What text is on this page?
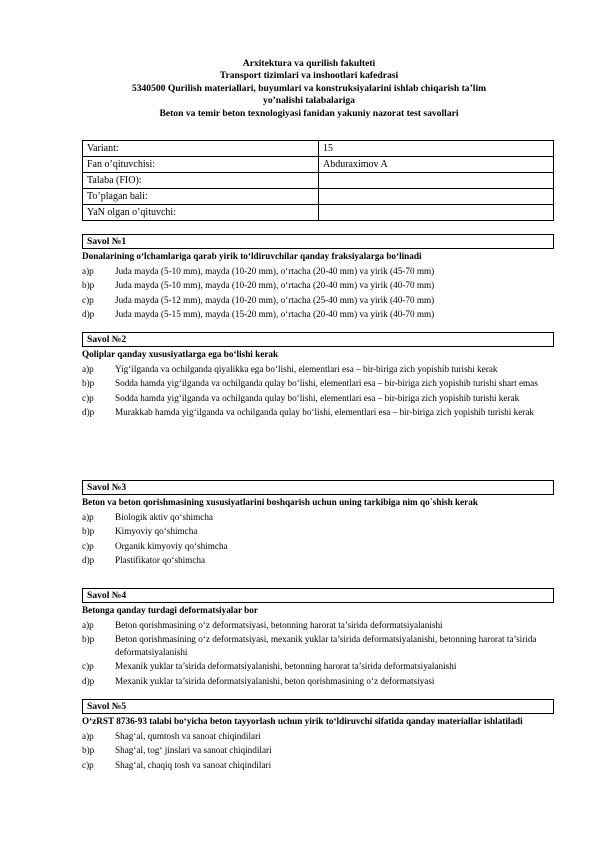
Arxitektura va qurilish fakulteti
Transport tizimlari va inshootlari kafedrasi
5340500 Qurilish materiallari, buyumlari va konstruksiyalarini ishlab chiqarish ta’lim
yo’nalishi talabalariga
Beton va temir beton texnologiyasi fanidan yakuniy nazorat test savollari
Variant:	15
Fan o’qituvchisi:	Abduraximov A
Talaba (FIO):	
To’plagan bali:	
YaN olgan o’qituvchi:	
Savol №1
Donalarining o‘lchamlariga qarab yirik to‘ldiruvchilar qanday fraksiyalarga bo‘linadi
a)p	Juda mayda (5-10 mm), mayda (10-20 mm), o‘rtacha (20-40 mm) va yirik (45-70 mm)
b)p	Juda mayda (5-10 mm), mayda (10-20 mm), o‘rtacha (20-40 mm) va yirik (40-70 mm)
c)p	Juda mayda (5-12 mm), mayda (10-20 mm), o‘rtacha (25-40 mm) va yirik (40-70 mm)
d)p	Juda mayda (5-15 mm), mayda (15-20 mm), o‘rtacha (20-40 mm) va yirik (40-70 mm)
Savol №2
Qoliplar qanday xususiyatlarga ega bo‘lishi kerak
a)p	Yig‘ilganda va ochilganda qiyalikka ega bo‘lishi, elementlari esa – bir-biriga zich yopishib turishi kerak
b)p	Sodda hamda yig‘ilganda va ochilganda qulay bo‘lishi, elementlari esa – bir-biriga zich yopishib turishi shart emas
c)p	Sodda hamda yig‘ilganda va ochilganda qulay bo‘lishi, elementlari esa – bir-biriga zich yopishib turishi kerak
d)p	Murakkab hamda yig‘ilganda va ochilganda qulay bo‘lishi, elementlari esa – bir-biriga zich yopishib turishi kerak
Savol №3
Beton va beton qorishmasining xususiyatlarini boshqarish uchun uning tarkibiga nim qo`shish kerak
a)p	Biologik aktiv qo‘shimcha
b)p	Kimyoviy qo‘shimcha
c)p	Organik kimyoviy qo‘shimcha
d)p	Plastifikator qo‘shimcha
Savol №4
Betonga qanday turdagi deformatsiyalar bor
a)p	Beton qorishmasining o‘z deformatsiyasi, betonning harorat ta’sirida deformatsiyalanishi
b)p	Beton qorishmasining o‘z deformatsiyasi, mexanik yuklar ta’sirida deformatsiyalanishi, betonning harorat ta’sirida deformatsiyalanishi
c)p	Mexanik yuklar ta’sirida deformatsiyalanishi, betonning harorat ta’sirida deformatsiyalanishi
d)p	Mexanik yuklar ta’sirida deformatsiyalanishi, beton qorishmasining o‘z deformatsiyasi
Savol №5
O‘zRST 8736-93 talabi bo‘yicha beton tayyorlash uchun yirik to‘ldiruvchi sifatida qanday materiallar ishlatiladi
a)p	Shag‘al, qumtosh va sanoat chiqindilari
b)p	Shag‘al, tog‘ jinslari va sanoat chiqindilari
c)p	Shag‘al, chaqiq tosh va sanoat chiqindilari
